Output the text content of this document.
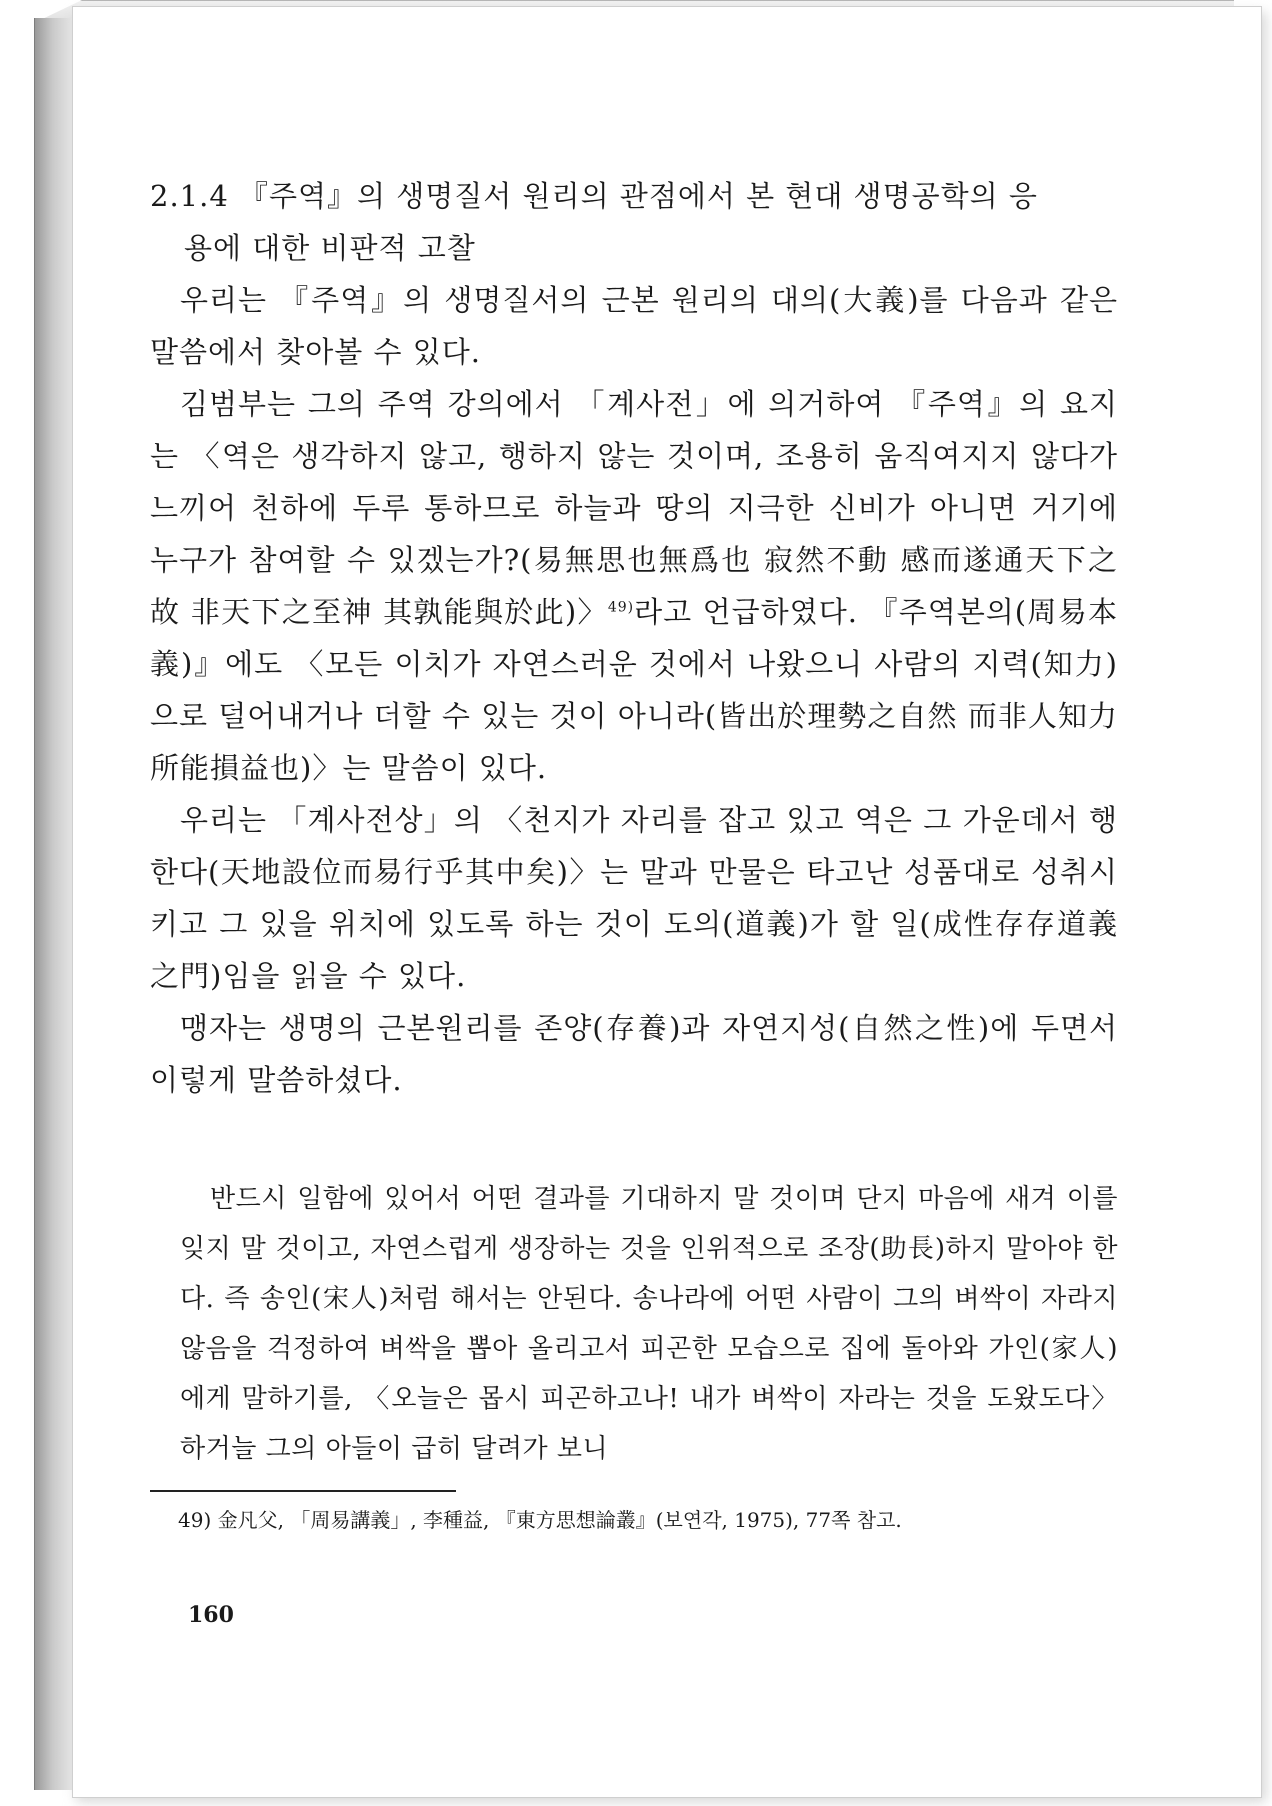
2.1.4 『주역』의 생명질서 원리의 관점에서 본 현대 생명공학의 응
용에 대한 비판적 고찰

우리는 『주역』의 생명질서의 근본 원리의 대의(大義)를 다음과 같은 말씀에서 찾아볼 수 있다.

김범부는 그의 주역 강의에서 「계사전」에 의거하여 『주역』의 요지는 〈역은 생각하지 않고, 행하지 않는 것이며, 조용히 움직여지지 않다가 느끼어 천하에 두루 통하므로 하늘과 땅의 지극한 신비가 아니면 거기에 누구가 참여할 수 있겠는가?(易無思也無爲也 寂然不動 感而遂通天下之故 非天下之至神 其孰能與於此)〉$^{49)}$라고 언급하였다. 『주역본의(周易本義)』에도 〈모든 이치가 자연스러운 것에서 나왔으니 사람의 지력(知力)으로 덜어내거나 더할 수 있는 것이 아니라(皆出於理勢之自然 而非人知力所能損益也)〉는 말씀이 있다.

우리는 「계사전상」의 〈천지가 자리를 잡고 있고 역은 그 가운데서 행한다(天地設位而易行乎其中矣)〉는 말과 만물은 타고난 성품대로 성취시키고 그 있을 위치에 있도록 하는 것이 도의(道義)가 할 일(成性存存道義之門)임을 읽을 수 있다.

맹자는 생명의 근본원리를 존양(存養)과 자연지성(自然之性)에 두면서 이렇게 말씀하셨다.

반드시 일함에 있어서 어떤 결과를 기대하지 말 것이며 단지 마음에 새겨 이를 잊지 말 것이고, 자연스럽게 생장하는 것을 인위적으로 조장(助長)하지 말아야 한다. 즉 송인(宋人)처럼 해서는 안된다. 송나라에 어떤 사람이 그의 벼싹이 자라지 않음을 걱정하여 벼싹을 뽑아 올리고서 피곤한 모습으로 집에 돌아와 가인(家人)에게 말하기를, 〈오늘은 몹시 피곤하고나! 내가 벼싹이 자라는 것을 도왔도다〉 하거늘 그의 아들이 급히 달려가 보니

49) 金凡父, 「周易講義」, 李種益, 『東方思想論叢』(보연각, 1975), 77쪽 참고.
160
